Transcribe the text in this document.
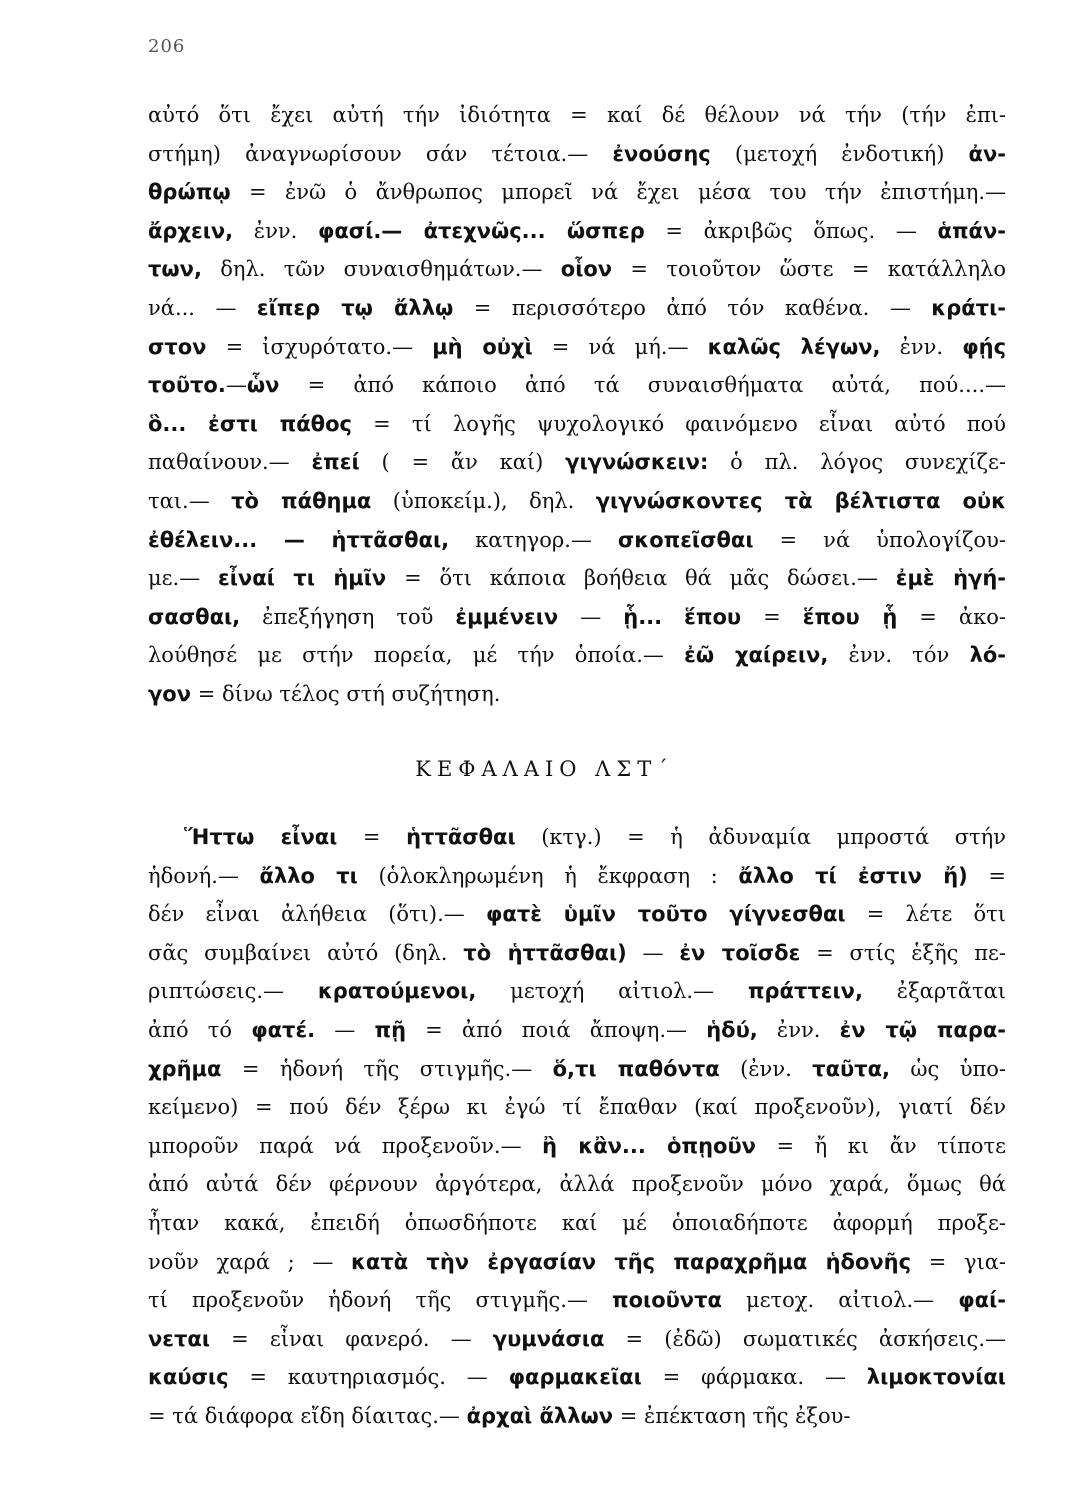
206
αὐτό ὅτι ἔχει αὐτή τήν ἰδιότητα = καί δέ θέλουν νά τήν (τήν ἐπι-
στήμη) ἀναγνωρίσουν σάν τέτοια.— ἐνούσης (μετοχή ἐνδοτική) ἀν-
θρώπῳ = ἐνῶ ὁ ἄνθρωπος μπορεῖ νά ἔχει μέσα του τήν ἐπιστήμη.—
ἄρχειν, ἐνν. φασί.— ἀτεχνῶς... ὥσπερ = ἀκριβῶς ὅπως. — ἁπάν-
των, δηλ. τῶν συναισθημάτων.— οἷον = τοιοῦτον ὥστε = κατάλληλο
νά... — εἴπερ τῳ ἄλλῳ = περισσότερο ἀπό τόν καθένα. — κράτι-
στον = ἰσχυρότατο.— μὴ οὐχὶ = νά μή.— καλῶς λέγων, ἐνν. φῄς
τοῦτο.—ὧν = ἀπό κάποιο ἀπό τά συναισθήματα αὐτά, πού....—
ὃ... ἐστι πάθος = τί λογῆς ψυχολογικό φαινόμενο εἶναι αὐτό πού
παθαίνουν.— ἐπεί ( = ἄν καί) γιγνώσκειν: ὁ πλ. λόγος συνεχίζε-
ται.— τὸ πάθημα (ὑποκείμ.), δηλ. γιγνώσκοντες τὰ βέλτιστα οὐκ
ἐθέλειν... — ἡττᾶσθαι, κατηγορ.— σκοπεῖσθαι = νά ὑπολογίζου-
με.— εἶναί τι ἡμῖν = ὅτι κάποια βοήθεια θά μᾶς δώσει.— ἐμὲ ἡγή-
σασθαι, ἐπεξήγηση τοῦ ἐμμένειν — ᾗ... ἕπου = ἕπου ᾗ = ἀκο-
λούθησέ με στήν πορεία, μέ τήν ὁποία.— ἐῶ χαίρειν, ἐνν. τόν λό-
γον = δίνω τέλος στή συζήτηση.
ΚΕΦΑΛΑΙΟ ΛΣΤ΄
Ἥττω εἶναι = ἡττᾶσθαι (κτγ.) = ἡ ἀδυναμία μπροστά στήν
ἡδονή.— ἄλλο τι (ὁλοκληρωμένη ἡ ἔκφραση : ἄλλο τί ἐστιν ἤ) =
δέν εἶναι ἀλήθεια (ὅτι).— φατὲ ὑμῖν τοῦτο γίγνεσθαι = λέτε ὅτι
σᾶς συμβαίνει αὐτό (δηλ. τὸ ἡττᾶσθαι) — ἐν τοῖσδε = στίς ἑξῆς πε-
ριπτώσεις.— κρατούμενοι, μετοχή αἰτιολ.— πράττειν, ἐξαρτᾶται
ἀπό τό φατέ. — πῇ = ἀπό ποιά ἄποψη.— ἡδύ, ἐνν. ἐν τῷ παρα-
χρῆμα = ἡδονή τῆς στιγμῆς.— ὅ,τι παθόντα (ἐνν. ταῦτα, ὡς ὑπο-
κείμενο) = πού δέν ξέρω κι ἐγώ τί ἔπαθαν (καί προξενοῦν), γιατί δέν
μποροῦν παρά νά προξενοῦν.— ἢ κἂν... ὁπῃοῦν = ἤ κι ἄν τίποτε
ἀπό αὐτά δέν φέρνουν ἀργότερα, ἀλλά προξενοῦν μόνο χαρά, ὅμως θά
ἦταν κακά, ἐπειδή ὁπωσδήποτε καί μέ ὁποιαδήποτε ἀφορμή προξε-
νοῦν χαρά ; — κατὰ τὴν ἐργασίαν τῆς παραχρῆμα ἡδονῆς = για-
τί προξενοῦν ἡδονή τῆς στιγμῆς.— ποιοῦντα μετοχ. αἰτιολ.— φαί-
νεται = εἶναι φανερό. — γυμνάσια = (ἐδῶ) σωματικές ἀσκήσεις.—
καύσις = καυτηριασμός. — φαρμακεῖαι = φάρμακα. — λιμοκτονίαι
= τά διάφορα εἴδη δίαιτας.— ἀρχαὶ ἄλλων = ἐπέκταση τῆς ἐξου-
